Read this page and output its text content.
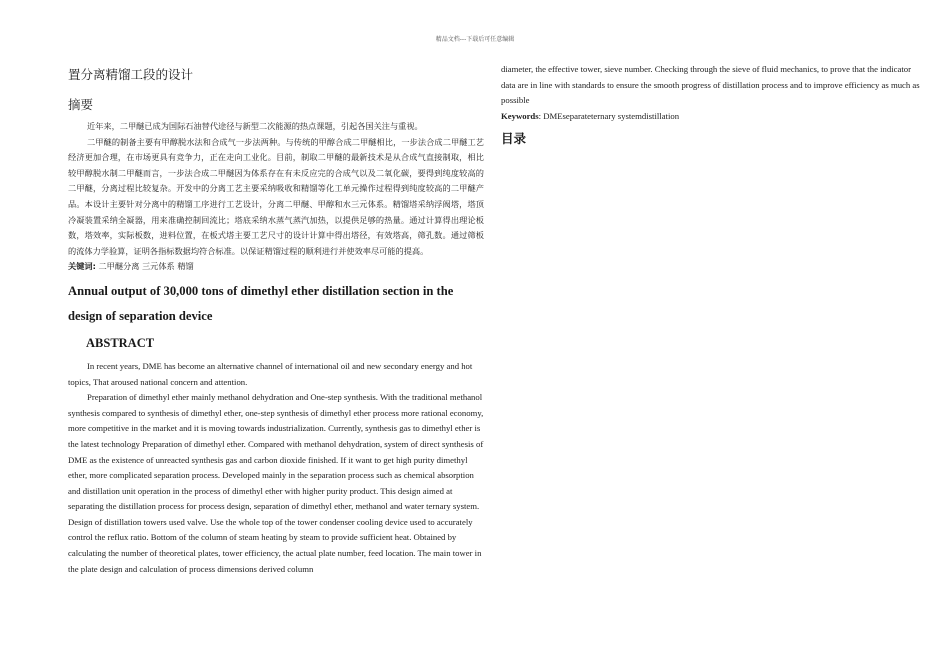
精品文档---下载后可任意编辑
置分离精馏工段的设计
摘要

近年来，二甲醚已成为国际石油替代途径与新型二次能源的热点课题，引起各国关注与重视。

二甲醚的制备主要有甲醇脱水法和合成气一步法两种。与传统的甲醇合成二甲醚相比，一步法合成二甲醚工艺经济更加合理，在市场更具有竞争力，正在走向工业化。目前，制取二甲醚的最新技术是从合成气直接制取，相比较甲醇脱水制二甲醚而言，一步法合成二甲醚因为体系存在有未反应完的合成气以及二氧化碳，要得到纯度较高的二甲醚，分离过程比较复杂。开发中的分离工艺主要采纳吸收和精馏等化工单元操作过程得到纯度较高的二甲醚产品。本设计主要针对分离中的精馏工序进行工艺设计，分离二甲醚、甲醇和水三元体系。精馏塔采纳浮阀塔，塔顶冷凝装置采纳全凝器，用来准确控制回流比；塔底采纳水蒸气蒸汽加热，以提供足够的热量。通过计算得出理论板数，塔效率，实际板数，进料位置，在板式塔主要工艺尺寸的设计计算中得出塔径，有效塔高，筛孔数。通过筛板的流体力学验算，证明各指标数据均符合标准。以保证精馏过程的顺利进行并使效率尽可能的提高。

关键词: 二甲醚分离 三元体系 精馏

Annual output of 30,000 tons of dimethyl ether distillation section in the design of separation device
ABSTRACT

In recent years, DME has become an alternative channel of international oil and new secondary energy and hot topics, That aroused national concern and attention.

Preparation of dimethyl ether mainly methanol dehydration and One-step synthesis. With the traditional methanol synthesis compared to synthesis of dimethyl ether, one-step synthesis of dimethyl ether process more rational economy, more competitive in the market and it is moving towards industrialization. Currently, synthesis gas to dimethyl ether is the latest technology Preparation of dimethyl ether. Compared with methanol dehydration, system of direct synthesis of DME as the existence of unreacted synthesis gas and carbon dioxide finished. If it want to get high purity dimethyl ether, more complicated separation process. Developed mainly in the separation process such as chemical absorption and distillation unit operation in the process of dimethyl ether with higher purity product. This design aimed at separating the distillation process for process design, separation of dimethyl ether, methanol and water ternary system. Design of distillation towers used valve. Use the whole top of the tower condenser cooling device used to accurately control the reflux ratio. Bottom of the column of steam heating by steam to provide sufficient heat. Obtained by calculating the number of theoretical plates, tower efficiency, the actual plate number, feed location. The main tower in the plate design and calculation of process dimensions derived column

diameter, the effective tower, sieve number. Checking through the sieve of fluid mechanics, to prove that the indicator data are in line with standards to ensure the smooth progress of distillation process and to improve efficiency as much as possible

Keywords: DMEseparateternary systemdistillation

目录
